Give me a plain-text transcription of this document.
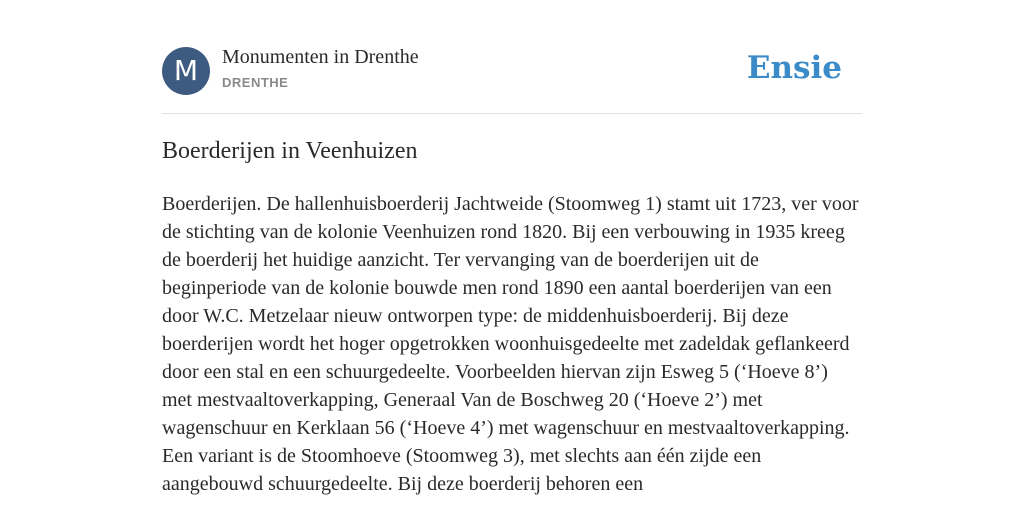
M	Monumenten in Drenthe
DRENTHE	Ensie
Boerderijen in Veenhuizen

Boerderijen. De hallenhuisboerderij Jachtweide (Stoomweg 1) stamt uit 1723, ver voor de stichting van de kolonie Veenhuizen rond 1820. Bij een verbouwing in 1935 kreeg de boerderij het huidige aanzicht. Ter vervanging van de boerderijen uit de beginperiode van de kolonie bouwde men rond 1890 een aantal boerderijen van een door W.C. Metzelaar nieuw ontworpen type: de middenhuisboerderij. Bij deze boerderijen wordt het hoger opgetrokken woonhuisgedeelte met zadeldak geflankeerd door een stal en een schuurgedeelte. Voorbeelden hiervan zijn Esweg 5 (‘Hoeve 8’) met mestvaaltoverkapping, Generaal Van de Boschweg 20 (‘Hoeve 2’) met wagenschuur en Kerklaan 56 (‘Hoeve 4’) met wagenschuur en mestvaaltoverkapping. Een variant is de Stoomhoeve (Stoomweg 3), met slechts aan één zijde een aangebouwd schuurgedeelte. Bij deze boerderij behoren een
